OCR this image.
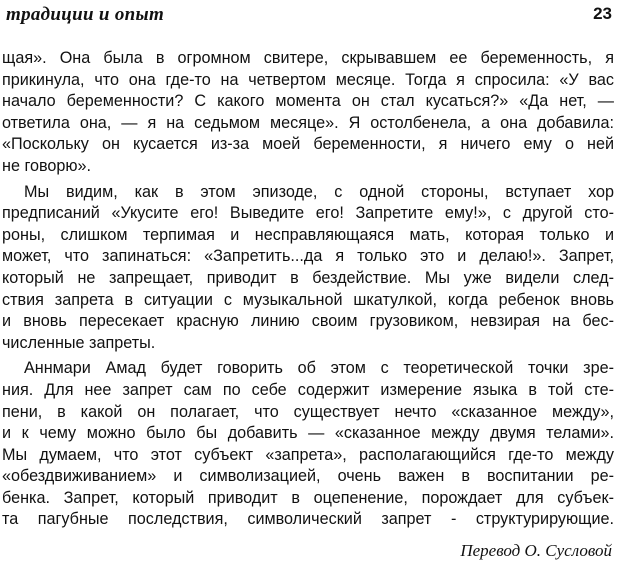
традиции и опыт	23
щая». Она была в огромном свитере, скрывавшем ее беременность, я
прикинула, что она где-то на четвертом месяце. Тогда я спросила: «У вас
начало беременности? С какого момента он стал кусаться?» «Да нет, —
ответила она, — я на седьмом месяце». Я остолбенела, а она добавила:
«Поскольку он кусается из-за моей беременности, я ничего ему о ней
не говорю».
Мы видим, как в этом эпизоде, с одной стороны, вступает хор
предписаний «Укусите его! Выведите его! Запретите ему!», с другой сто-
роны, слишком терпимая и несправляющаяся мать, которая только и
может, что запинаться: «Запретить...да я только это и делаю!». Запрет,
который не запрещает, приводит в бездействие. Мы уже видели след-
ствия запрета в ситуации с музыкальной шкатулкой, когда ребенок вновь
и вновь пересекает красную линию своим грузовиком, невзирая на бес-
численные запреты.
Аннмари Амад будет говорить об этом с теоретической точки зре-
ния. Для нее запрет сам по себе содержит измерение языка в той сте-
пени, в какой он полагает, что существует нечто «сказанное между»,
и к чему можно было бы добавить — «сказанное между двумя телами».
Мы думаем, что этот субъект «запрета», располагающийся где-то между
«обездвиживанием» и символизацией, очень важен в воспитании ре-
бенка. Запрет, который приводит в оцепенение, порождает для субъек-
та пагубные последствия, символический запрет - структурирующие.
Перевод О. Сусловой
